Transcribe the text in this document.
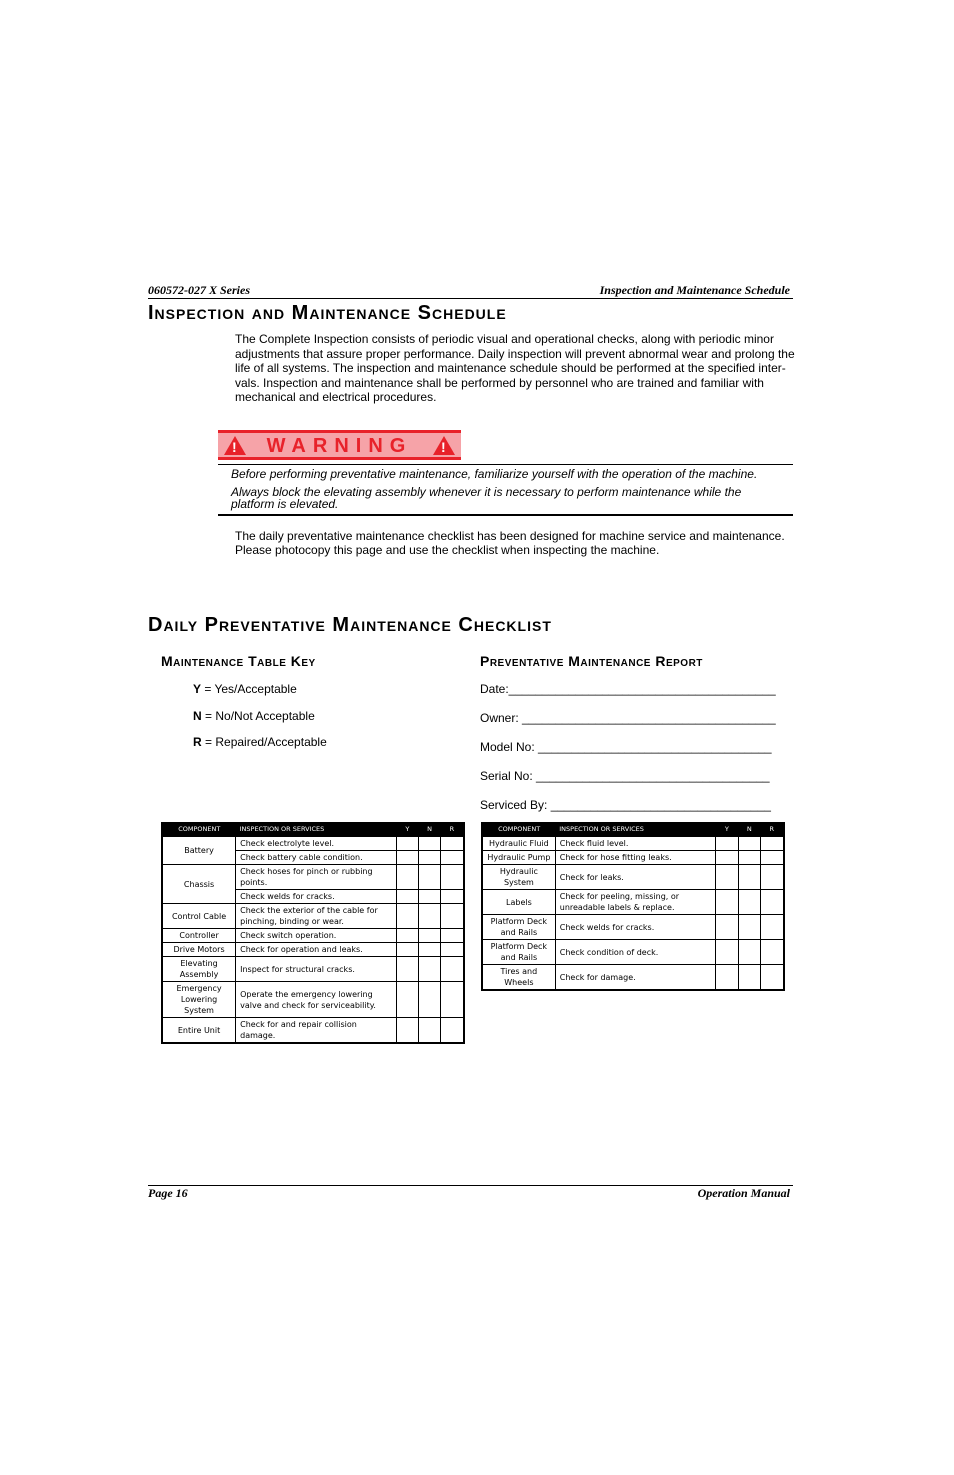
060572-027 X Series	Inspection and Maintenance Schedule
Inspection and Maintenance Schedule
The Complete Inspection consists of periodic visual and operational checks, along with periodic minor
adjustments that assure proper performance. Daily inspection will prevent abnormal wear and prolong the
life of all systems. The inspection and maintenance schedule should be performed at the specified inter-
vals. Inspection and maintenance shall be performed by personnel who are trained and familiar with
mechanical and electrical procedures.
!	WARNING	!
Before performing preventative maintenance, familiarize yourself with the operation of the machine.
Always block the elevating assembly whenever it is necessary to perform maintenance while the
platform is elevated.
The daily preventative maintenance checklist has been designed for machine service and maintenance.
Please photocopy this page and use the checklist when inspecting the machine.
Daily Preventative Maintenance Checklist
Maintenance Table Key	Preventative Maintenance Report
Y = Yes/Acceptable
N = No/Not Acceptable
R = Repaired/Acceptable
Date:________________________________________
Owner: ______________________________________
Model No: ___________________________________
Serial No: ___________________________________
Serviced By: _________________________________
COMPONENT	INSPECTION OR SERVICES	Y	N	R
Battery	Check electrolyte level.			
	Check battery cable condition.			
Chassis	Check hoses for pinch or rubbing points.			
	Check welds for cracks.			
Control Cable	Check the exterior of the cable for pinching, binding or wear.			
Controller	Check switch operation.			
Drive Motors	Check for operation and leaks.			
Elevating Assembly	Inspect for structural cracks.			
Emergency Lowering System	Operate the emergency lowering valve and check for serviceability.			
Entire Unit	Check for and repair collision damage.			
COMPONENT	INSPECTION OR SERVICES	Y	N	R
Hydraulic Fluid	Check fluid level.			
Hydraulic Pump	Check for hose fitting leaks.			
Hydraulic System	Check for leaks.			
Labels	Check for peeling, missing, or unreadable labels & replace.			
Platform Deck and Rails	Check welds for cracks.			
Platform Deck and Rails	Check condition of deck.			
Tires and Wheels	Check for damage.			
Page 16	Operation Manual
